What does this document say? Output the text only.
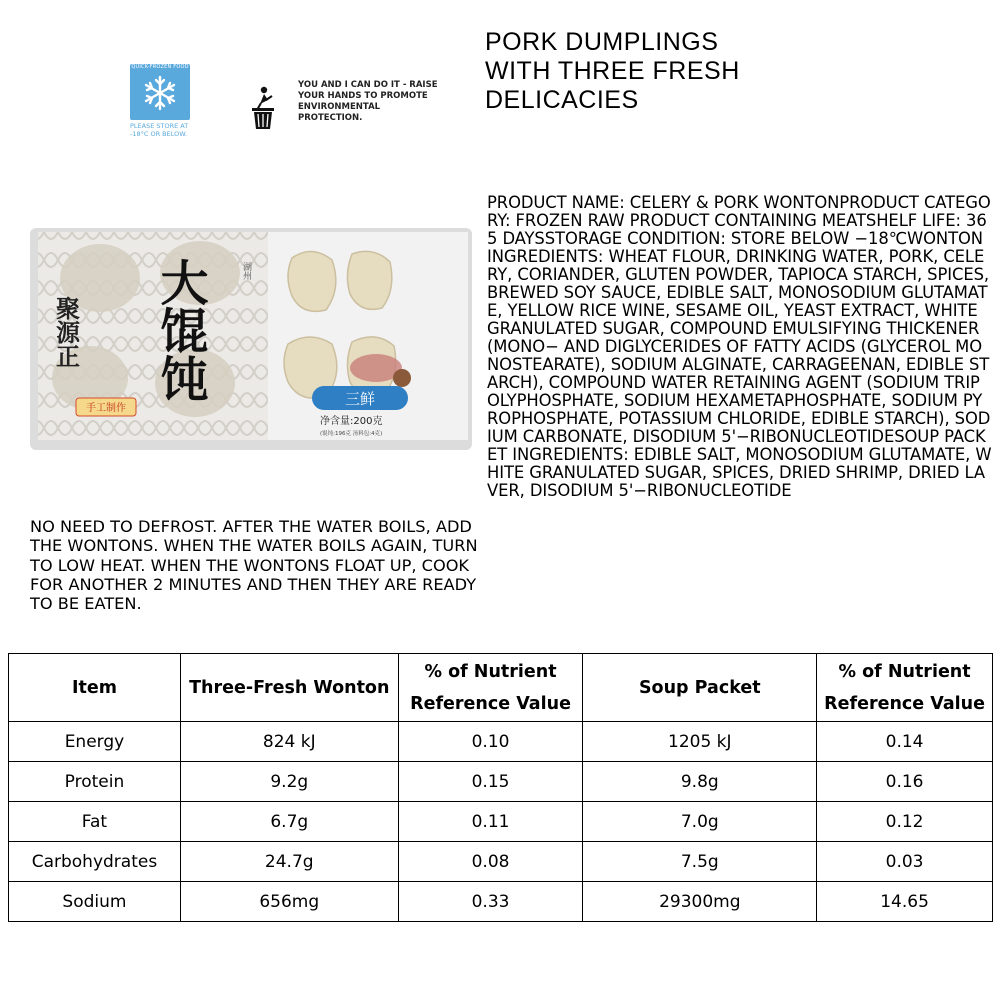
QUICK-FROZEN FOOD
PLEASE STORE AT -18°C OR BELOW.
YOU AND I CAN DO IT - RAISE YOUR HANDS TO PROMOTE ENVIRONMENTAL PROTECTION.
PORK DUMPLINGS WITH THREE FRESH DELICACIES
PRODUCT NAME: CELERY & PORK WONTONPRODUCT CATEGORY: FROZEN RAW PRODUCT CONTAINING MEATSHELF LIFE: 365 DAYSSTORAGE CONDITION: STORE BELOW −18℃WONTON INGREDIENTS: WHEAT FLOUR, DRINKING WATER, PORK, CELERY, CORIANDER, GLUTEN POWDER, TAPIOCA STARCH, SPICES, BREWED SOY SAUCE, EDIBLE SALT, MONOSODIUM GLUTAMATE, YELLOW RICE WINE, SESAME OIL, YEAST EXTRACT, WHITE GRANULATED SUGAR, COMPOUND EMULSIFYING THICKENER (MONO− AND DIGLYCERIDES OF FATTY ACIDS (GLYCEROL MONOSTEARATE), SODIUM ALGINATE, CARRAGEENAN, EDIBLE STARCH), COMPOUND WATER RETAINING AGENT (SODIUM TRIPOLYPHOSPHATE, SODIUM HEXAMETAPHOSPHATE, SODIUM PYROPHOSPHATE, POTASSIUM CHLORIDE, EDIBLE STARCH), SODIUM CARBONATE, DISODIUM 5'−RIBONUCLEOTIDESOUP PACKET INGREDIENTS: EDIBLE SALT, MONOSODIUM GLUTAMATE, WHITE GRANULATED SUGAR, SPICES, DRIED SHRIMP, DRIED LAVER, DISODIUM 5'−RIBONUCLEOTIDE
聚源正 大馄饨	湖州
手工制作
三鲜
净含量:200克
(馄饨:196克 汤料包:4克)
NO NEED TO DEFROST. AFTER THE WATER BOILS, ADD THE WONTONS. WHEN THE WATER BOILS AGAIN, TURN TO LOW HEAT. WHEN THE WONTONS FLOAT UP, COOK FOR ANOTHER 2 MINUTES AND THEN THEY ARE READY TO BE EATEN.
Item	Three-Fresh Wonton	% of Nutrient Reference Value	Soup Packet	% of Nutrient Reference Value
Energy	824 kJ	0.10	1205 kJ	0.14
Protein	9.2g	0.15	9.8g	0.16
Fat	6.7g	0.11	7.0g	0.12
Carbohydrates	24.7g	0.08	7.5g	0.03
Sodium	656mg	0.33	29300mg	14.65
